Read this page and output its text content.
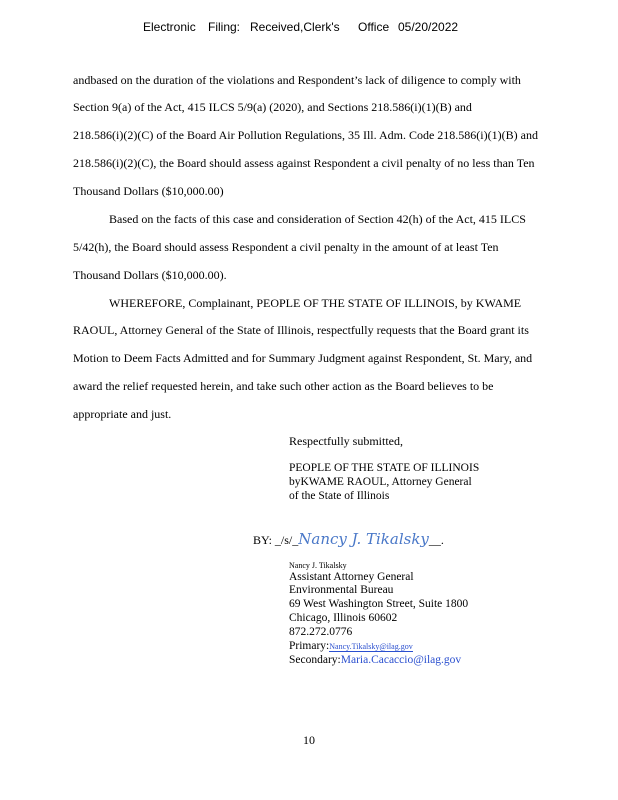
Electronic Filing: Received,Clerk's Office 05/20/2022
andbased on the duration of the violations and Respondent’s lack of diligence to comply with
Section 9(a) of the Act, 415 ILCS 5/9(a) (2020), and Sections 218.586(i)(1)(B) and
218.586(i)(2)(C) of the Board Air Pollution Regulations, 35 Ill. Adm. Code 218.586(i)(1)(B) and
218.586(i)(2)(C), the Board should assess against Respondent a civil penalty of no less than Ten
Thousand Dollars ($10,000.00)
Based on the facts of this case and consideration of Section 42(h) of the Act, 415 ILCS
5/42(h), the Board should assess Respondent a civil penalty in the amount of at least Ten
Thousand Dollars ($10,000.00).
WHEREFORE, Complainant, PEOPLE OF THE STATE OF ILLINOIS, by KWAME
RAOUL, Attorney General of the State of Illinois, respectfully requests that the Board grant its
Motion to Deem Facts Admitted and for Summary Judgment against Respondent, St. Mary, and
award the relief requested herein, and take such other action as the Board believes to be
appropriate and just.
Respectfully submitted,
PEOPLE OF THE STATE OF ILLINOIS
byKWAME RAOUL, Attorney General
of the State of Illinois
BY: _/s/_Nancy J. Tikalsky__.
Nancy J. Tikalsky
Assistant Attorney General
Environmental Bureau
69 West Washington Street, Suite 1800
Chicago, Illinois 60602
872.272.0776
Primary:Nancy.Tikalsky@ilag.gov
Secondary:Maria.Cacaccio@ilag.gov
10
